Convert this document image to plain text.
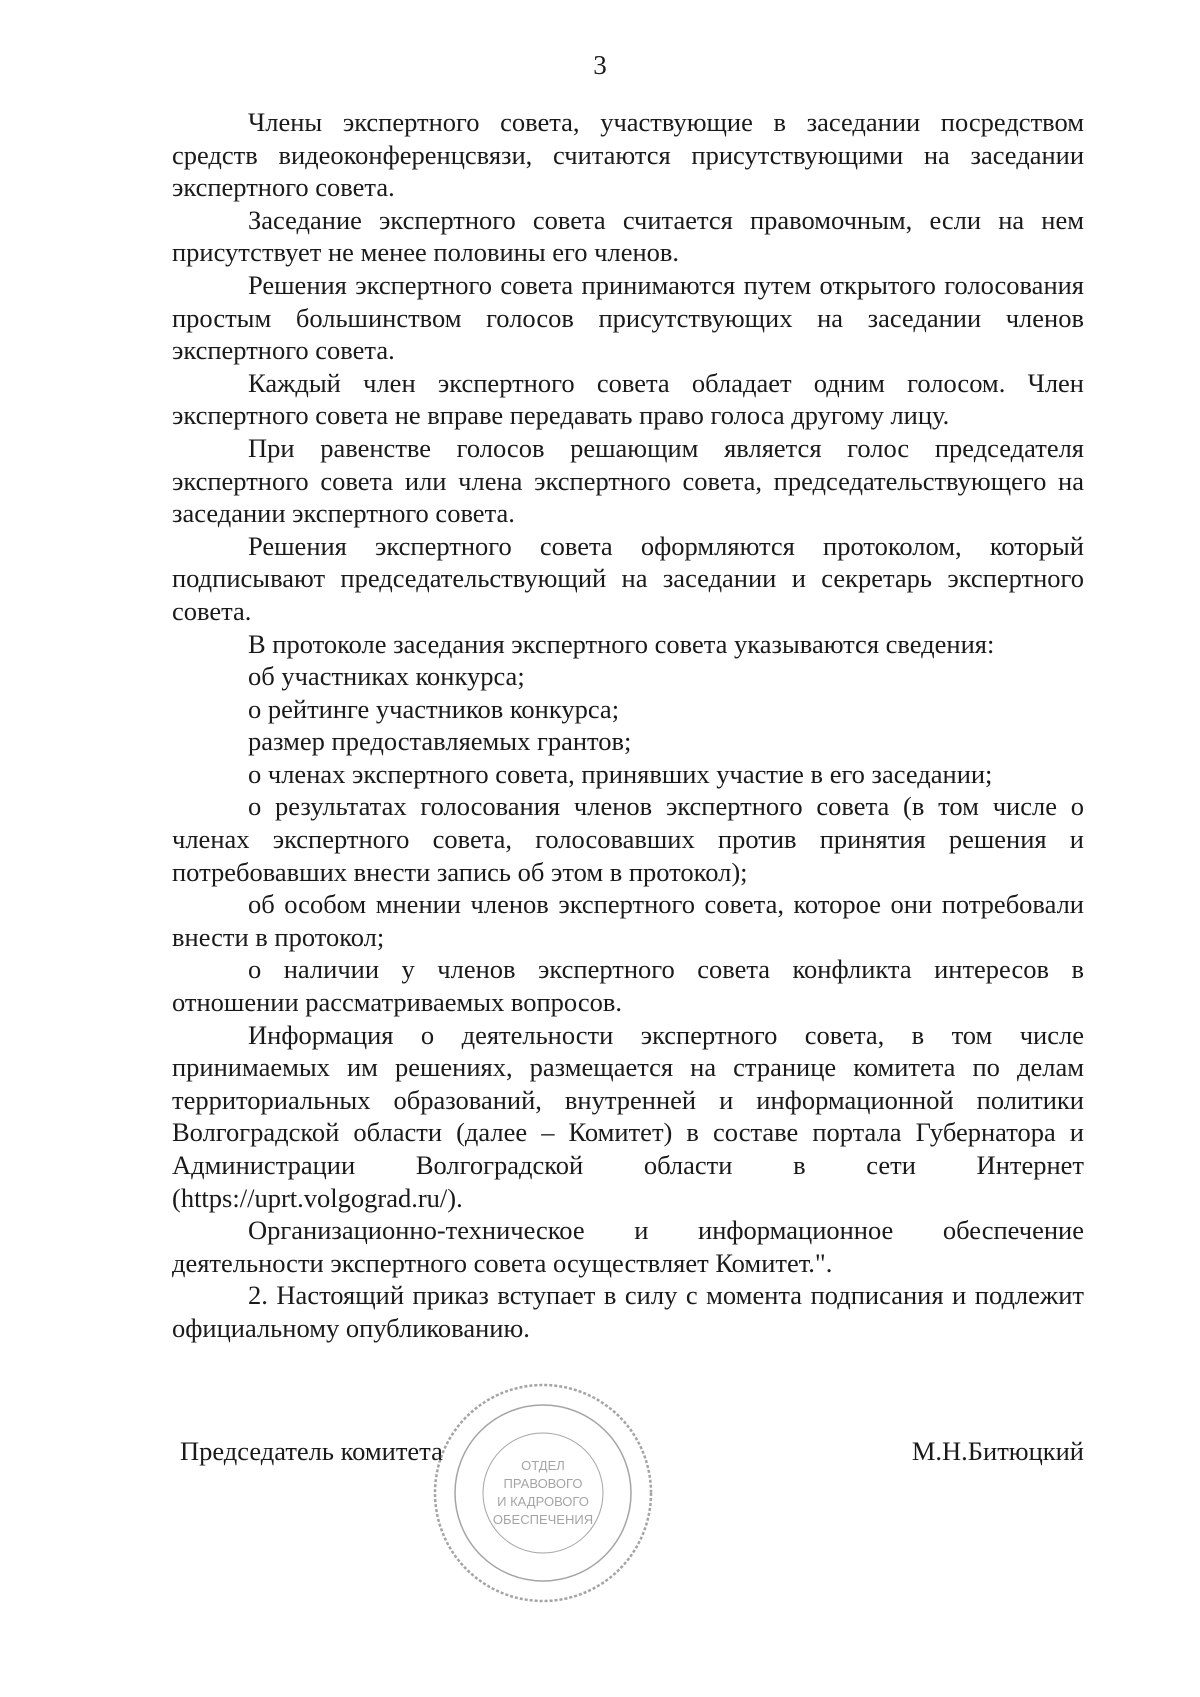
3

Члены экспертного совета, участвующие в заседании посредством средств видеоконференцсвязи, считаются присутствующими на заседании экспертного совета.

Заседание экспертного совета считается правомочным, если на нем присутствует не менее половины его членов.

Решения экспертного совета принимаются путем открытого голосования простым большинством голосов присутствующих на заседании членов экспертного совета.

Каждый член экспертного совета обладает одним голосом. Член экспертного совета не вправе передавать право голоса другому лицу.

При равенстве голосов решающим является голос председателя экспертного совета или члена экспертного совета, председательствующего на заседании экспертного совета.

Решения экспертного совета оформляются протоколом, который подписывают председательствующий на заседании и секретарь экспертного совета.

В протоколе заседания экспертного совета указываются сведения:

об участниках конкурса;

о рейтинге участников конкурса;

размер предоставляемых грантов;

о членах экспертного совета, принявших участие в его заседании;

о результатах голосования членов экспертного совета (в том числе о членах экспертного совета, голосовавших против принятия решения и потребовавших внести запись об этом в протокол);

об особом мнении членов экспертного совета, которое они потребовали внести в протокол;

о наличии у членов экспертного совета конфликта интересов в отношении рассматриваемых вопросов.

Информация о деятельности экспертного совета, в том числе принимаемых им решениях, размещается на странице комитета по делам территориальных образований, внутренней и информационной политики Волгоградской области (далее – Комитет) в составе портала Губернатора и Администрации Волгоградской области в сети Интернет (https://uprt.volgograd.ru/).

Организационно-техническое и информационное обеспечение деятельности экспертного совета осуществляет Комитет.".

2. Настоящий приказ вступает в силу с момента подписания и подлежит официальному опубликованию.

Председатель комитета	М.Н.Битюцкий
ОТДЕЛ
ПРАВОВОГО
И КАДРОВОГО
ОБЕСПЕЧЕНИЯ
